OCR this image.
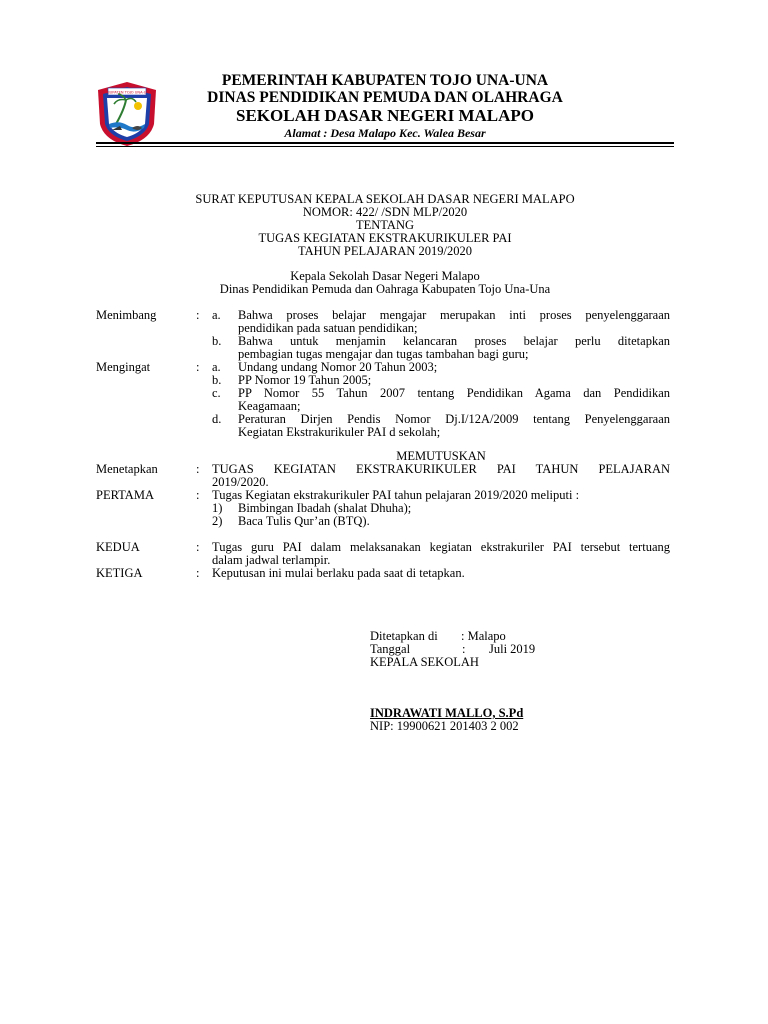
KABUPATEN TOJO UNA-UNA
PEMERINTAH KABUPATEN TOJO UNA-UNA
DINAS PENDIDIKAN PEMUDA DAN OLAHRAGA
SEKOLAH DASAR NEGERI MALAPO
Alamat : Desa Malapo Kec. Walea Besar
SURAT KEPUTUSAN KEPALA SEKOLAH DASAR NEGERI MALAPO
NOMOR: 422/ /SDN MLP/2020
TENTANG
TUGAS KEGIATAN EKSTRAKURIKULER PAI
TAHUN PELAJARAN 2019/2020
Kepala Sekolah Dasar Negeri Malapo
Dinas Pendidikan Pemuda dan Oahraga Kabupaten Tojo Una-Una
Menimbang	: a. Bahwa proses belajar mengajar merupakan inti proses penyelenggaraan
pendidikan pada satuan pendidikan;
b. Bahwa untuk menjamin kelancaran proses belajar perlu ditetapkan
pembagian tugas mengajar dan tugas tambahan bagi guru;
Mengingat	: a. Undang undang Nomor 20 Tahun 2003;
b. PP Nomor 19 Tahun 2005;
c. PP Nomor 55 Tahun 2007 tentang Pendidikan Agama dan Pendidikan
Keagamaan;
d. Peraturan Dirjen Pendis Nomor Dj.I/12A/2009 tentang Penyelenggaraan
Kegiatan Ekstrakurikuler PAI d sekolah;
MEMUTUSKAN
Menetapkan	: TUGAS KEGIATAN EKSTRAKURIKULER PAI TAHUN PELAJARAN
2019/2020.
PERTAMA	: Tugas Kegiatan ekstrakurikuler PAI tahun pelajaran 2019/2020 meliputi :
1) Bimbingan Ibadah (shalat Dhuha);
2) Baca Tulis Qur’an (BTQ).
KEDUA	: Tugas guru PAI dalam melaksanakan kegiatan ekstrakuriler PAI tersebut tertuang
dalam jadwal terlampir.
KETIGA	: Keputusan ini mulai berlaku pada saat di tetapkan.
Ditetapkan di : Malapo
Tanggal	: Juli 2019
KEPALA SEKOLAH
INDRAWATI MALLO, S.Pd
NIP: 19900621 201403 2 002
